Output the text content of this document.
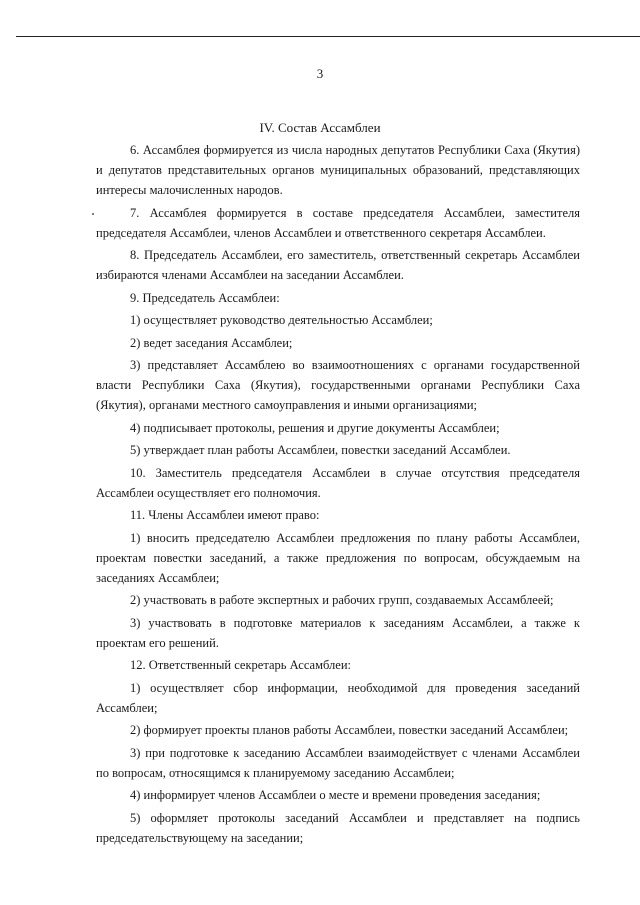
3
IV. Состав Ассамблеи

6. Ассамблея формируется из числа народных депутатов Республики Саха (Якутия) и депутатов представительных органов муниципальных образований, представляющих интересы малочисленных народов.

7. Ассамблея формируется в составе председателя Ассамблеи, заместителя председателя Ассамблеи, членов Ассамблеи и ответственного секретаря Ассамблеи.

8. Председатель Ассамблеи, его заместитель, ответственный секретарь Ассамблеи избираются членами Ассамблеи на заседании Ассамблеи.

9. Председатель Ассамблеи:

1) осуществляет руководство деятельностью Ассамблеи;

2) ведет заседания Ассамблеи;

3) представляет Ассамблею во взаимоотношениях с органами государственной власти Республики Саха (Якутия), государственными органами Республики Саха (Якутия), органами местного самоуправления и иными организациями;

4) подписывает протоколы, решения и другие документы Ассамблеи;

5) утверждает план работы Ассамблеи, повестки заседаний Ассамблеи.

10. Заместитель председателя Ассамблеи в случае отсутствия председателя Ассамблеи осуществляет его полномочия.

11. Члены Ассамблеи имеют право:

1) вносить председателю Ассамблеи предложения по плану работы Ассамблеи, проектам повестки заседаний, а также предложения по вопросам, обсуждаемым на заседаниях Ассамблеи;

2) участвовать в работе экспертных и рабочих групп, создаваемых Ассамблеей;

3) участвовать в подготовке материалов к заседаниям Ассамблеи, а также к проектам его решений.

12. Ответственный секретарь Ассамблеи:

1) осуществляет сбор информации, необходимой для проведения заседаний Ассамблеи;

2) формирует проекты планов работы Ассамблеи, повестки заседаний Ассамблеи;

3) при подготовке к заседанию Ассамблеи взаимодействует с членами Ассамблеи по вопросам, относящимся к планируемому заседанию Ассамблеи;

4) информирует членов Ассамблеи о месте и времени проведения заседания;

5) оформляет протоколы заседаний Ассамблеи и представляет на подпись председательствующему на заседании;
